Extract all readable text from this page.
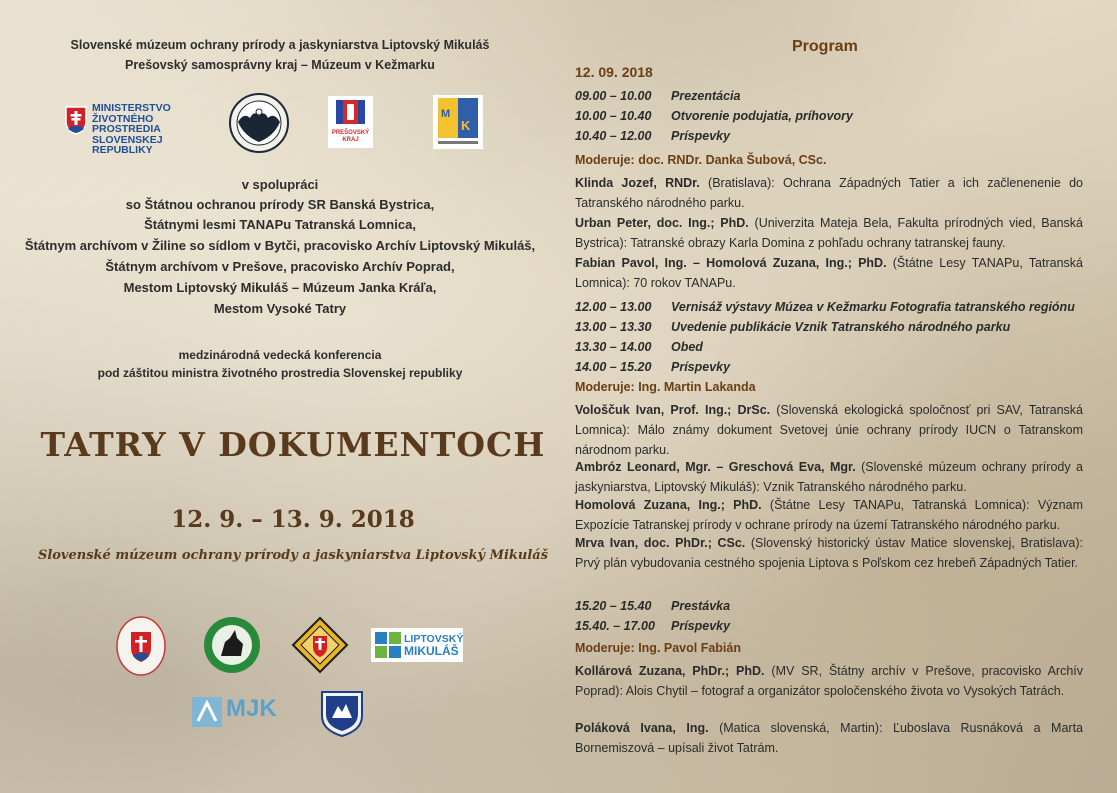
Slovenské múzeum ochrany prírody a jaskyniarstva Liptovský Mikuláš
Prešovský samosprávny kraj – Múzeum v Kežmarku
MINISTERSTVO
ŽIVOTNÉHO PROSTREDIA
SLOVENSKEJ REPUBLIKY
PREŠOVSKÝ
KRAJ
M
K
v spolupráci
so Štátnou ochranou prírody SR Banská Bystrica,
Štátnymi lesmi TANAPu Tatranská Lomnica,
Štátnym archívom v Žiline so sídlom v Bytči, pracovisko Archív Liptovský Mikuláš,
Štátnym archívom v Prešove, pracovisko Archív Poprad,
Mestom Liptovský Mikuláš – Múzeum Janka Kráľa,
Mestom Vysoké Tatry
medzinárodná vedecká konferencia
pod záštitou ministra životného prostredia Slovenskej republiky
TATRY V DOKUMENTOCH
12. 9. – 13. 9. 2018
Slovenské múzeum ochrany prírody a jaskyniarstva Liptovský Mikuláš
LIPTOVSKÝ
MIKULÁŠ
MJK
Program
12. 09. 2018
09.00 – 10.00 Prezentácia
10.00 – 10.40 Otvorenie podujatia, príhovory
10.40 – 12.00 Príspevky
Moderuje: doc. RNDr. Danka Šubová, CSc.
Klinda Jozef, RNDr. (Bratislava): Ochrana Západných Tatier a ich začlenenenie do Tatranského národného parku.
Urban Peter, doc. Ing.; PhD. (Univerzita Mateja Bela, Fakulta prírodných vied, Banská Bystrica): Tatranské obrazy Karla Domina z pohľadu ochrany tatranskej fauny.
Fabian Pavol, Ing. – Homolová Zuzana, Ing.; PhD. (Štátne Lesy TANAPu, Tatranská Lomnica): 70 rokov TANAPu.
12.00 – 13.00 Vernisáž výstavy Múzea v Kežmarku Fotografia tatranského regiónu
13.00 – 13.30 Uvedenie publikácie Vznik Tatranského národného parku
13.30 – 14.00 Obed
14.00 – 15.20 Príspevky
Moderuje: Ing. Martin Lakanda
Vološčuk Ivan, Prof. Ing.; DrSc. (Slovenská ekologická spoločnosť pri SAV, Tatranská Lomnica): Málo známy dokument Svetovej únie ochrany prírody IUCN o Tatranskom národnom parku.
Ambróz Leonard, Mgr. – Greschová Eva, Mgr. (Slovenské múzeum ochrany prírody a jaskyniarstva, Liptovský Mikuláš): Vznik Tatranského národného parku.
Homolová Zuzana, Ing.; PhD. (Štátne Lesy TANAPu, Tatranská Lomnica): Význam Expozície Tatranskej prírody v ochrane prírody na území Tatranského národného parku.
Mrva Ivan, doc. PhDr.; CSc. (Slovenský historický ústav Matice slovenskej, Bratislava): Prvý plán vybudovania cestného spojenia Liptova s Poľskom cez hrebeň Západných Tatier.
15.20 – 15.40 Prestávka
15.40. – 17.00 Príspevky
Moderuje: Ing. Pavol Fabián
Kollárová Zuzana, PhDr.; PhD. (MV SR, Štátny archív v Prešove, pracovisko Archív Poprad): Alois Chytil – fotograf a organizátor spoločenského života vo Vysokých Tatrách.
Poláková Ivana, Ing. (Matica slovenská, Martin): Ľuboslava Rusnáková a Marta Bornemiszová – upísali život Tatrám.
